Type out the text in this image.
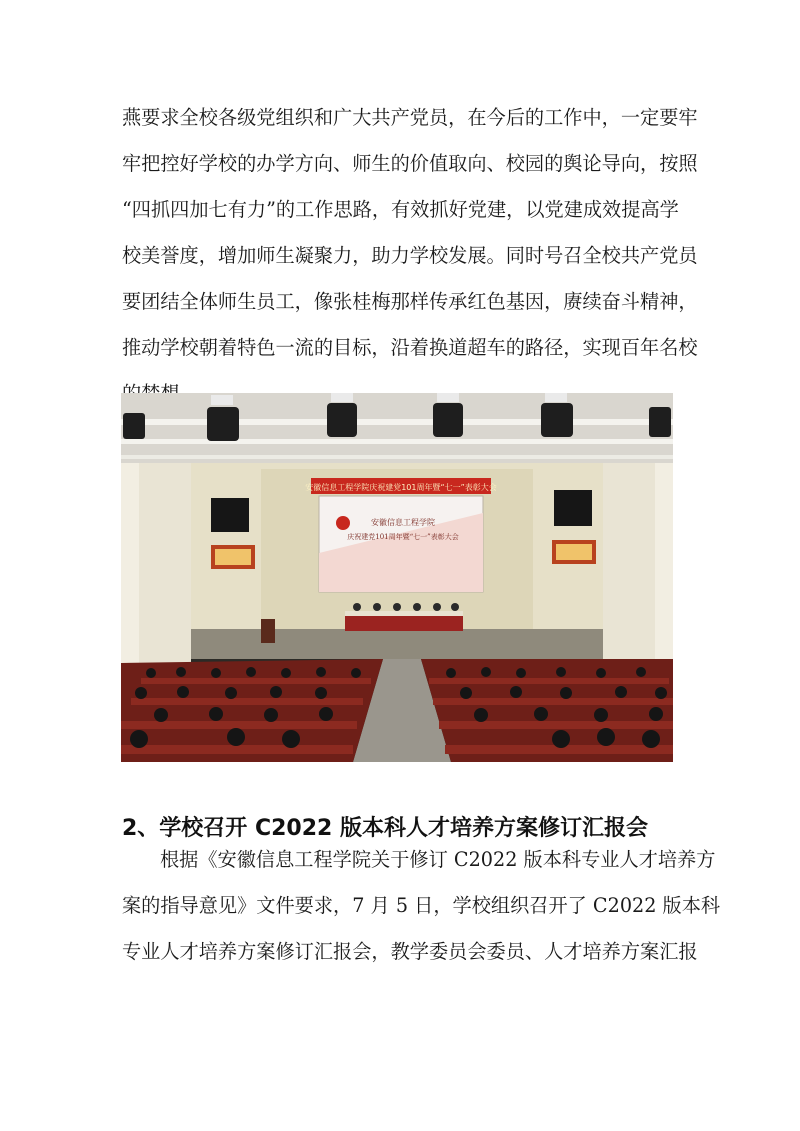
燕要求全校各级党组织和广大共产党员，在今后的工作中，一定要牢
牢把控好学校的办学方向、师生的价值取向、校园的舆论导向，按照
“四抓四加七有力”的工作思路，有效抓好党建，以党建成效提高学
校美誉度，增加师生凝聚力，助力学校发展。同时号召全校共产党员
要团结全体师生员工，像张桂梅那样传承红色基因，赓续奋斗精神，
推动学校朝着特色一流的目标，沿着换道超车的路径，实现百年名校
安徽信息工程学院庆祝建党101周年暨“七一”表彰大会
安徽信息工程学院
庆祝建党101周年暨“七一”表彰大会
2、学校召开 C2022 版本科人才培养方案修订汇报会
根据《安徽信息工程学院关于修订 C2022 版本科专业人才培养方
案的指导意见》文件要求，7 月 5 日，学校组织召开了 C2022 版本科
专业人才培养方案修订汇报会，教学委员会委员、人才培养方案汇报
